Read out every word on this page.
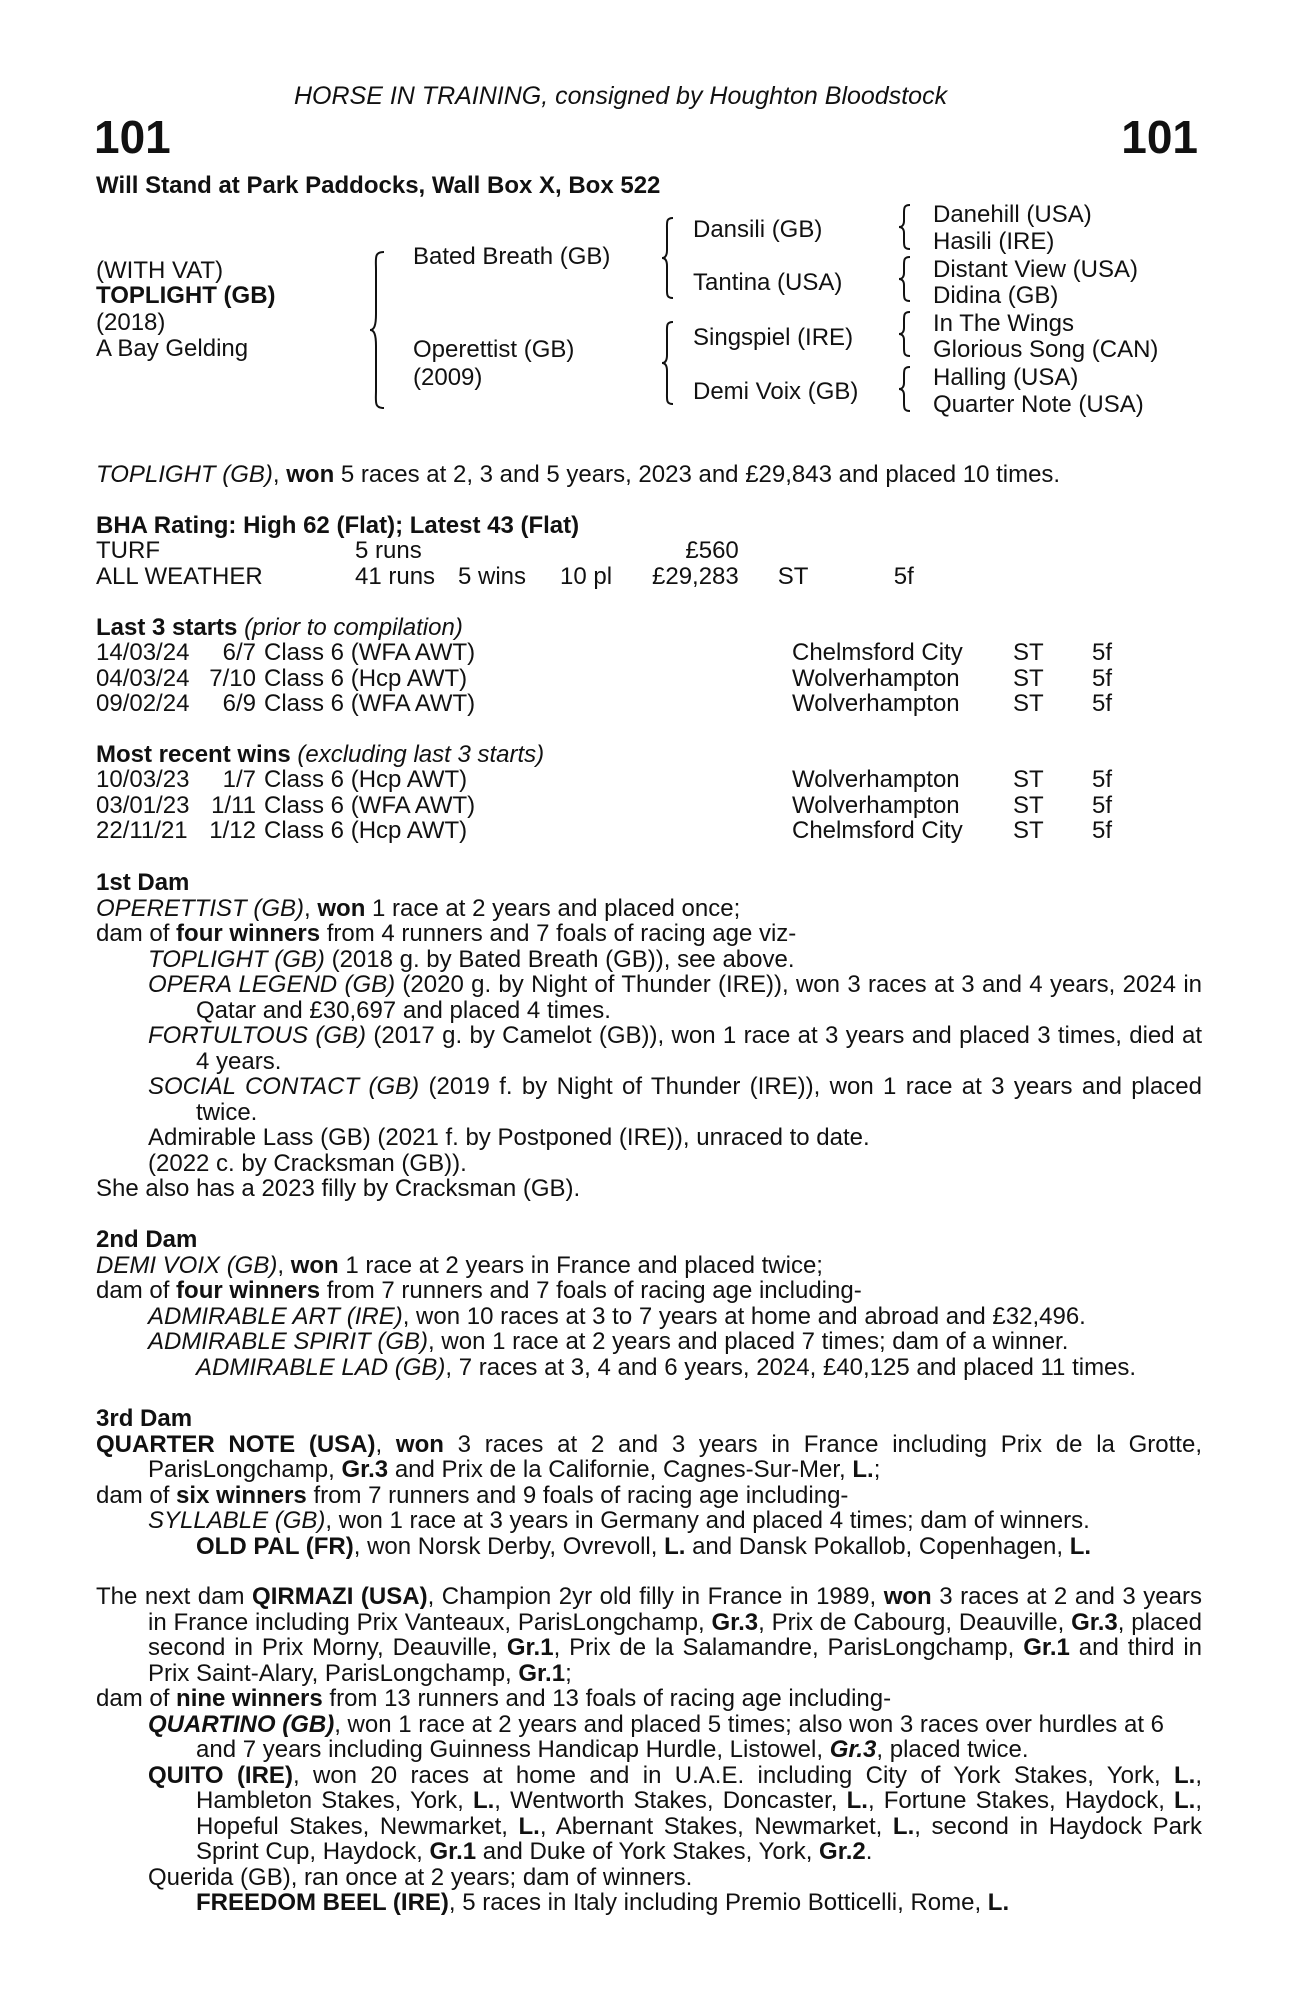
HORSE IN TRAINING, consigned by Houghton Bloodstock
101	101
Will Stand at Park Paddocks, Wall Box X, Box 522
(WITH VAT)
TOPLIGHT (GB)
(2018)
A Bay Gelding
Bated Breath (GB)
Operettist (GB)
(2009)
Dansili (GB)
Tantina (USA)
Singspiel (IRE)
Demi Voix (GB)
Danehill (USA)
Hasili (IRE)
Distant View (USA)
Didina (GB)
In The Wings
Glorious Song (CAN)
Halling (USA)
Quarter Note (USA)
TOPLIGHT (GB), won 5 races at 2, 3 and 5 years, 2023 and £29,843 and placed 10 times.
BHA Rating: High 62 (Flat); Latest 43 (Flat)
TURF	5 runs			£560		
ALL WEATHER	41 runs	5 wins	10 pl	£29,283	ST	5f
Last 3 starts (prior to compilation)
14/03/24	6/7	Class 6 (WFA AWT)	Chelmsford City	ST	5f
04/03/24	7/10	Class 6 (Hcp AWT)	Wolverhampton	ST	5f
09/02/24	6/9	Class 6 (WFA AWT)	Wolverhampton	ST	5f
Most recent wins (excluding last 3 starts)
10/03/23	1/7	Class 6 (Hcp AWT)	Wolverhampton	ST	5f
03/01/23	1/11	Class 6 (WFA AWT)	Wolverhampton	ST	5f
22/11/21	1/12	Class 6 (Hcp AWT)	Chelmsford City	ST	5f

1st Dam

OPERETTIST (GB), won 1 race at 2 years and placed once;

dam of four winners from 4 runners and 7 foals of racing age viz-

TOPLIGHT (GB) (2018 g. by Bated Breath (GB)), see above.

OPERA LEGEND (GB) (2020 g. by Night of Thunder (IRE)), won 3 races at 3 and 4 years, 2024 in Qatar and £30,697 and placed 4 times.

FORTULTOUS (GB) (2017 g. by Camelot (GB)), won 1 race at 3 years and placed 3 times, died at 4 years.

SOCIAL CONTACT (GB) (2019 f. by Night of Thunder (IRE)), won 1 race at 3 years and placed twice.

Admirable Lass (GB) (2021 f. by Postponed (IRE)), unraced to date.

(2022 c. by Cracksman (GB)).

She also has a 2023 filly by Cracksman (GB).

2nd Dam

DEMI VOIX (GB), won 1 race at 2 years in France and placed twice;

dam of four winners from 7 runners and 7 foals of racing age including-

ADMIRABLE ART (IRE), won 10 races at 3 to 7 years at home and abroad and £32,496.

ADMIRABLE SPIRIT (GB), won 1 race at 2 years and placed 7 times; dam of a winner.

ADMIRABLE LAD (GB), 7 races at 3, 4 and 6 years, 2024, £40,125 and placed 11 times.

3rd Dam

QUARTER NOTE (USA), won 3 races at 2 and 3 years in France including Prix de la Grotte, ParisLongchamp, Gr.3 and Prix de la Californie, Cagnes-Sur-Mer, L.;

dam of six winners from 7 runners and 9 foals of racing age including-

SYLLABLE (GB), won 1 race at 3 years in Germany and placed 4 times; dam of winners.

OLD PAL (FR), won Norsk Derby, Ovrevoll, L. and Dansk Pokallob, Copenhagen, L.

The next dam QIRMAZI (USA), Champion 2yr old filly in France in 1989, won 3 races at 2 and 3 years in France including Prix Vanteaux, ParisLongchamp, Gr.3, Prix de Cabourg, Deauville, Gr.3, placed second in Prix Morny, Deauville, Gr.1, Prix de la Salamandre, ParisLongchamp, Gr.1 and third in Prix Saint-Alary, ParisLongchamp, Gr.1;

dam of nine winners from 13 runners and 13 foals of racing age including-

QUARTINO (GB), won 1 race at 2 years and placed 5 times; also won 3 races over hurdles at 6 and 7 years including Guinness Handicap Hurdle, Listowel, Gr.3, placed twice.

QUITO (IRE), won 20 races at home and in U.A.E. including City of York Stakes, York, L., Hambleton Stakes, York, L., Wentworth Stakes, Doncaster, L., Fortune Stakes, Haydock, L., Hopeful Stakes, Newmarket, L., Abernant Stakes, Newmarket, L., second in Haydock Park Sprint Cup, Haydock, Gr.1 and Duke of York Stakes, York, Gr.2.

Querida (GB), ran once at 2 years; dam of winners.

FREEDOM BEEL (IRE), 5 races in Italy including Premio Botticelli, Rome, L.
